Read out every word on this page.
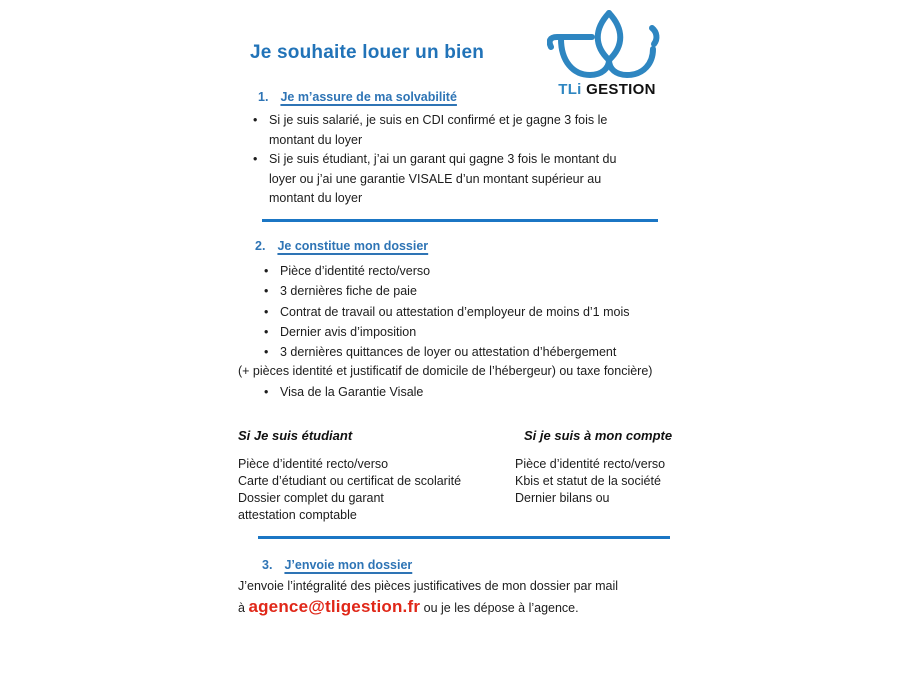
Je souhaite louer un bien
TLi GESTION
1. Je m’assure de ma solvabilité
• Si je suis salarié, je suis en CDI confirmé et je gagne 3 fois le montant du loyer
• Si je suis étudiant, j’ai un garant qui gagne 3 fois le montant du loyer ou j’ai une garantie VISALE d’un montant supérieur au montant du loyer
2. Je constitue mon dossier
• Pièce d’identité recto/verso
• 3 dernières fiche de paie
• Contrat de travail ou attestation d’employeur de moins d’1 mois
• Dernier avis d’imposition
• 3 dernières quittances de loyer ou attestation d’hébergement
(+ pièces identité et justificatif de domicile de l’hébergeur) ou taxe foncière)
• Visa de la Garantie Visale
Si Je suis étudiant
Pièce d’identité recto/verso
Carte d’étudiant ou certificat de scolarité
Dossier complet du garant
attestation comptable
Si je suis à mon compte
Pièce d’identité recto/verso
Kbis et statut de la société
Dernier bilans ou
3. J’envoie mon dossier
J’envoie l’intégralité des pièces justificatives de mon dossier par mail
à agence@tligestion.fr ou je les dépose à l’agence.
